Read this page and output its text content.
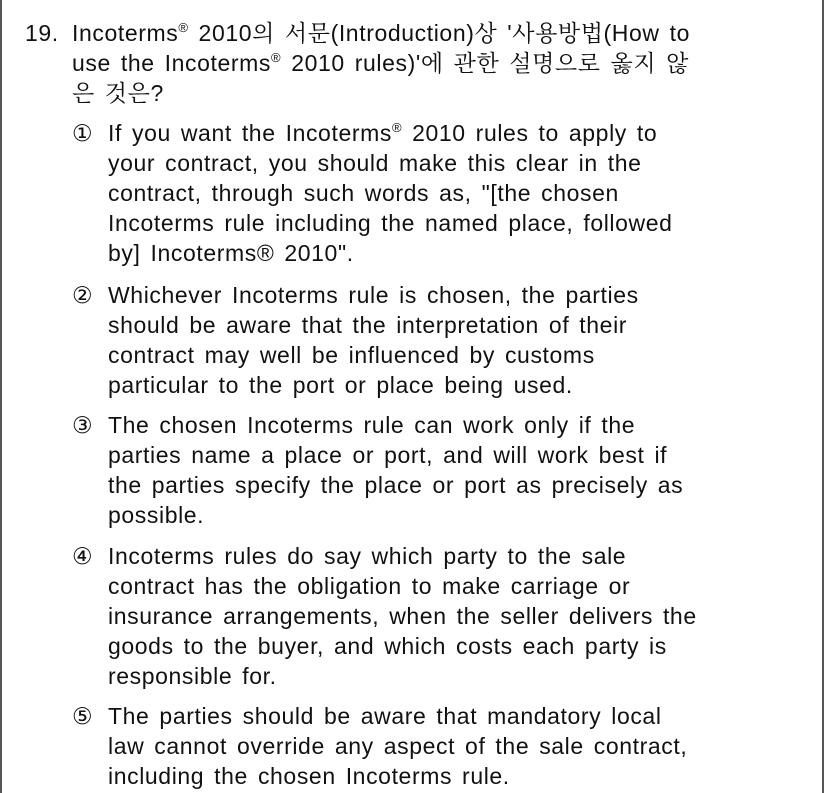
19. Incoterms® 2010의 서문(Introduction)상 '사용방법(How to
use the Incoterms® 2010 rules)'에 관한 설명으로 옳지 않
은 것은?
① If you want the Incoterms® 2010 rules to apply to
your contract, you should make this clear in the
contract, through such words as, "[the chosen
Incoterms rule including the named place, followed
by] Incoterms® 2010".
② Whichever Incoterms rule is chosen, the parties
should be aware that the interpretation of their
contract may well be influenced by customs
particular to the port or place being used.
③ The chosen Incoterms rule can work only if the
parties name a place or port, and will work best if
the parties specify the place or port as precisely as
possible.
④ Incoterms rules do say which party to the sale
contract has the obligation to make carriage or
insurance arrangements, when the seller delivers the
goods to the buyer, and which costs each party is
responsible for.
⑤ The parties should be aware that mandatory local
law cannot override any aspect of the sale contract,
including the chosen Incoterms rule.
